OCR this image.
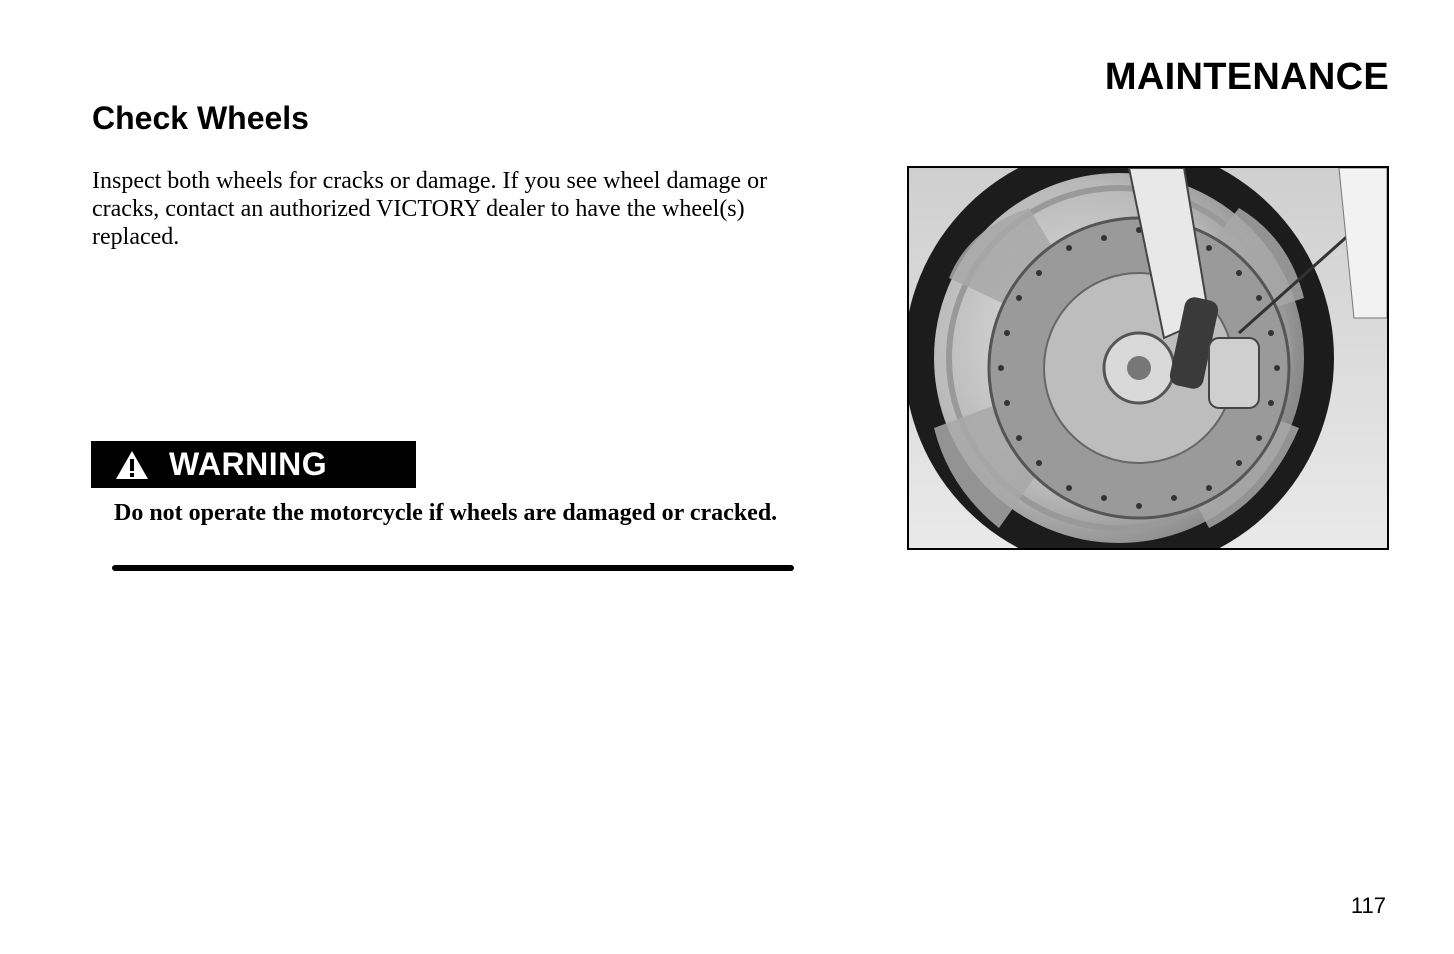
MAINTENANCE
Check Wheels

Inspect both wheels for cracks or damage. If you see wheel damage or cracks, contact an authorized VICTORY dealer to have the wheel(s) replaced.

WARNING

Do not operate the motorcycle if wheels are damaged or cracked.

117
